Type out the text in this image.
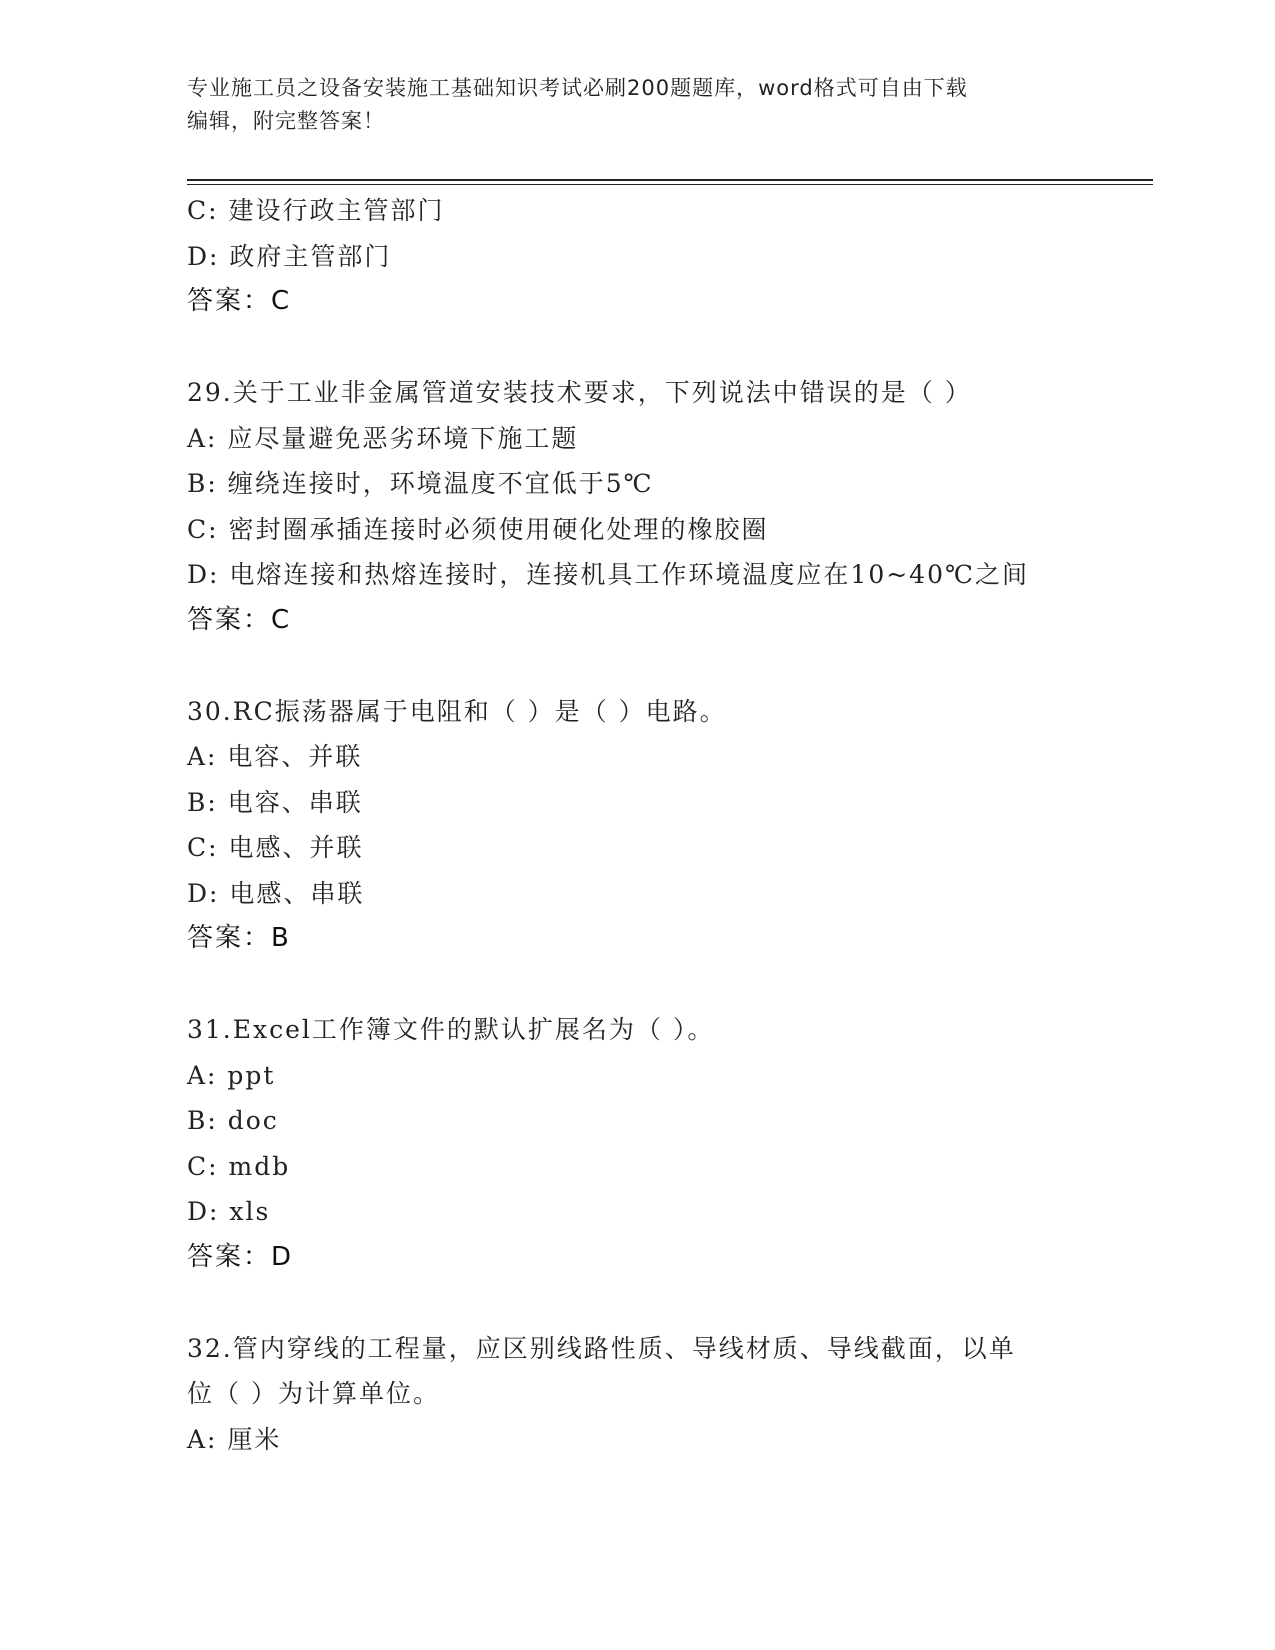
专业施工员之设备安装施工基础知识考试必刷200题题库，word格式可自由下载
编辑，附完整答案！
C: 建设行政主管部门
D: 政府主管部门
答案：C
29.关于工业非金属管道安装技术要求，下列说法中错误的是（ ）
A: 应尽量避免恶劣环境下施工题
B: 缠绕连接时，环境温度不宜低于5℃
C: 密封圈承插连接时必须使用硬化处理的橡胶圈
D: 电熔连接和热熔连接时，连接机具工作环境温度应在10~40℃之间
答案：C
30.RC振荡器属于电阻和（ ）是（ ）电路。
A: 电容、并联
B: 电容、串联
C: 电感、并联
D: 电感、串联
答案：B
31.Excel工作簿文件的默认扩展名为（ ）。
A: ppt
B: doc
C: mdb
D: xls
答案：D
32.管内穿线的工程量，应区别线路性质、导线材质、导线截面，以单
位（ ）为计算单位。
A: 厘米
